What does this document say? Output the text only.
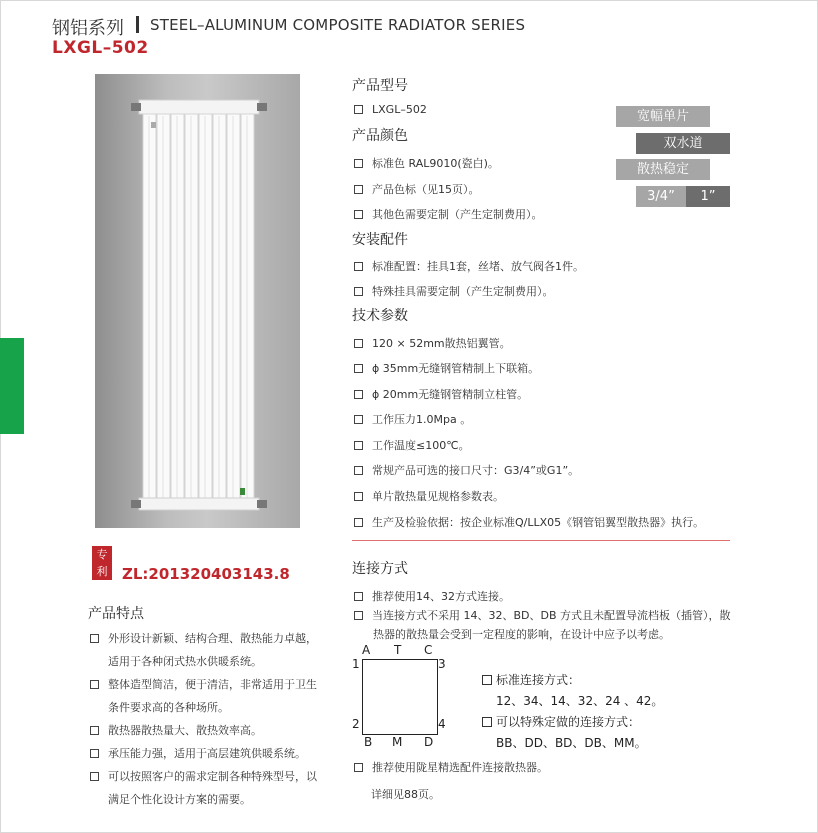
钢铝系列 STEEL–ALUMINUM COMPOSITE RADIATOR SERIES
LXGL–502
产品型号
LXGL–502
产品颜色
标准色 RAL9010(瓷白)。
产品色标（见15页）。
其他色需要定制（产生定制费用）。
安装配件
标准配置：挂具1套，丝堵、放气阀各1件。
特殊挂具需要定制（产生定制费用）。
技术参数
120 × 52mm散热铝翼管。
ϕ 35mm无缝钢管精制上下联箱。
ϕ 20mm无缝钢管精制立柱管。
工作压力1.0Mpa 。
工作温度≤100℃。
常规产品可选的接口尺寸：G3/4”或G1”。
单片散热量见规格参数表。
生产及检验依据：按企业标准Q/LLX05《钢管铝翼型散热器》执行。
宽幅单片
双水道
散热稳定
3/4”	1”
专
利 ZL:201320403143.8
产品特点
外形设计新颖、结构合理、散热能力卓越，
适用于各种闭式热水供暖系统。
整体造型简洁，便于清洁，非常适用于卫生
条件要求高的各种场所。
散热器散热量大、散热效率高。
承压能力强，适用于高层建筑供暖系统。
可以按照客户的需求定制各种特殊型号，以
满足个性化设计方案的需要。
连接方式
推荐使用14、32方式连接。
当连接方式不采用 14、32、BD、DB 方式且未配置导流档板（插管），散
热器的散热量会受到一定程度的影响，在设计中应予以考虑。
A T C
1	3
2	4
B M D
标准连接方式：
12、34、14、32、24 、42。
可以特殊定做的连接方式：
BB、DD、BD、DB、MM。
推荐使用陇星精选配件连接散热器。
详细见88页。
